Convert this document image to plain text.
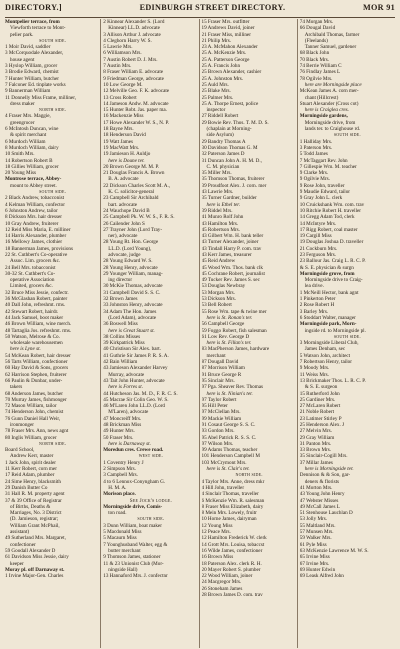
DIRECTORY.]	EDINBURGH STREET DIRECTORY.	MOR 91
Montpelier terrace, from
Viewforth terrace to Mont-
pelier park.
south side.
1 Moir David, saddler
3 McCorquodale Alexander,
house agent
3 Hyslop William, grocer
3 Brodie Edward, chemist
7 Hunter William, butcher
7 Falconer Ed. tinplate works
9 Bannerman William
11 Donnelly Miss Frame, milliner,
dress maker
north side.
4 Fraser Mrs. Maggie,
greengrocer
6 McIntosh Duncan, wine
& spirit merchant
6 Murdoch William
8 Murdoch William, dairy
10 Smith Mrs.
14 Robertson Robert B
18 Gillies William, grocer
20 Young Miss
Montrose terrace, Abbey-
mount to Abbey street.
south side.
2 Black Andrew, tobacconist
4 Kelman William, confector
6 Johnston Andrew, tailor
8 Dickson Mrs. hair dresser
10 Gray Andrew, fruiterer
12 Reid Miss Maria, E. milliner
14 Harris Alexander, plumber
16 Mellowy James, clothier
18 Bannerman James, provisions
22 St. Cuthbert's Co-operative
Assoc. Lim. grocers &c.
24 Bell Mrs. tobacconist
30-32 St. Cuthbert's Co-
operative Association
Limited, grocers &c.
32 Bruce Miss Jessie, confectr.
36 McGlashan Robert, painter
40 Dall John, refreshmt. rms.
42 Stewart Robert, hairdr.
44 Jack Samuel, boot maker
46 Brown William, wine merch.
48 Tartaglia Jos. refreshmt. rms.
50 Watson, Melrose & Co.
wholesale warehousemen
here is Lyne st.
54 McKean Robert, hair dresser
56 Tarts William, confectioner
60 Hay David & Sons, grocers
62 Harrison Stephen, fruiterer
66 Paulin & Dunbar, under-
takers
68 Anderson James, butcher
70 Murray James, fishmonger
72 Mason William, tailor
74 Henderson John, chemist
76 Gunn Daniel Hall Weir,
ironmonger
78 Fraser Mrs. Ann, news agnt
80 Inglis William, grocer
north side.
Board School,
Andrew Kerr, master
1 Jack John, spirit dealer
11 Kerr Robert, corn mer
17 Reid Adam, plumber
24 Sime Henry, blacksmith
29 Danish Butter Co
31 Hall R. M. property agent
37 & 39 Office of Registrar
of Births, Deaths &
Marriages, No. 3 District
(D. Jamieson, registrar;
William Grant McPhail,
assistant)
49 Sutherland Mrs. Margaret,
confectioner
59 Goodall Alexander D
61 Davidson Miss Jessie, dairy
keeper
Moray pl. off Darnaway st.
1 Irvine Major-Gen. Charles
2 Kinnear Alexander S. (Lord
Kinnear) LL.D. advocate
3 Allison Arthur J. advocate
4 Cleghorn Harry W. S.
5 Lawrie Mrs.
6 Williamson Mrs.
7 Austin Robert D. J. Mrs.
7 Austin Mrs.
8 Fraser William E. advocate
9 Friedman George, advocate
10 Low George M.
12 Melville Geo. F. K. advocate
13 Cross Robert
14 Jameson Andw. M. advocate
15 Hunter Robt. Jas. paper ma.
16 Mackenzie Miss
17 Howe Alexander W. S., N. P.
18 Bayne Mrs.
18 Henderson David
19 Watt James
19 MacWatt Mrs.
19 Jamieson H. Auldjo
here is Doune ter.
20 Brown George M. M. P.
21 Douglas Francis A. Brown
B. A. advocate
22 Dickson Charles Scott M. A.,
K. C. solicitor-general
23 Campbell Sir Archibald
bart. advocate
24 Wauchope David B
25 Campbell Pk. W. W. S., F. R. S.
26 Cailender John S
27 Trayner John (Lord Tray-
ner), advocate
28 Young Rt. Hon. George
LL.D. (Lord Young),
advocate, judge
28 Young Edward W. S.
28 Young Henry, advocate
29 Younger William, manag-
ing director
30 McKie Thomas, advocate
31 Campbell David S. S. C.
32 Brown James
33 Johnston Henry, advocate
34 Adam The Hon. James
(Lord Adam), advocate
36 Boswell Miss
here is Great Stuart st.
38 Collins Misses
39 Kirkpatrick Miss
40 Christison Sir Alex. bart.
41 Guthrie Sir James P. R. S. A.
42 Bain William
43 Jamieson Alexander Harvey
Murray, advocate
43 Tait John Hunter, advocate
here is Forres st.
44 Hutcheson Jas. M. D., F. R. C. S.
45 Macrae Sir Colin Geo. W. S.
46 M'Laren John LL.D. (Lord
M'Laren), advocate
47 Moncreiff Mrs.
48 Brickman Miss
49 Hunter Mrs.
50 Fraser Mrs.
here is Darnaway st.
Moredun cres. Crewe road.
west side.
1 Coventry Henry J
2 Simpson Mrs.
3 Campbell Mrs.
4 to 6 Lennox-Conyngham G.
H. M. A.
Morison place.
See Jock's lodge.
Morningside drive, Comis-
ton road.
south side.
3 Dunn William, boat maker
5 Macdonald Miss
5 Macaurn Miss
7 Younghusband Walter, egg &
butter merchant
9 Thomson James, stationer
11 & 23 Unionist Club (Mor-
ningside Hall)
13 Hannaford Mrs. J. confectnr
15 Fraser Mrs. outfitter
19 Andrews David, joiner
21 Fraser Miss, milliner
21 Philip Mrs.
23 A. McMahon Alexander
25 A. McKenzie Mrs.
25 A. Patterson George
25 A. Francis John
25 Brown Alexander, cashier
25 A. Johnston Mrs.
25 Auld Mrs.
25 Blake Mrs.
25 Palmer Mrs.
25 A. Thorpe Ernest, police
inspector
27 Riddell Robert
29 Bowie Rev. Thos. T. M. D. S.
(chaplain at Morning-
side Asylum)
29 Bandry Thomas A
30 Davidson Thomas G. M
32 Paterson James D
31 Duncan John A. H. M. D.,
C. M. physician
35 Miller Mrs.
35 Thomson Thomas, fruiterer
39 Proudfoot Alex. J. corn. mer
43 Lawrie Mrs.
35 Turner Gardner, builder
here is Ethel ter.
39 Riddel Mrs.
41 Munro Rolf John
43 Hamilton Mrs.
45 Robertson Mrs.
43 Gilbert Wm. H. bank teller
43 Turner Alexander, joiner
43 Tindall Harry P. com. trav
43 Kerr James, treasurer
45 Reid Andrew
45 Wood Wm. Thos. bank clk
45 Cochrane Robert, journalist
49 Tucker Rev. James S. sec
53 Douglas Newbray
53 Morgan Mrs.
53 Dickson Mrs.
53 Bell Robert
55 Rose Wm. tape & twine mer
here is St. Ronan's ter.
56 Campbell George
59 Foggo Robert, fish salesman
61 Low Rev. George D
here is St. Fillan's ter.
83 MacPherson James, hardware
merchant
87 Dougall David
87 Morrison William
91 Bruce George R
95 Sinclair Mrs.
97 Pga. Sheaver Rev. Thomas
here is St. Ninian's ter.
97 Taylor Robert
95 Hill Peter
97 McClellan Mrs.
99 Mackie William
91 Cosaut George S. S. C.
93 Gordon Mrs.
95 Abel Patrick R. S. S. C.
97 Wilson Mrs.
99 Adams Thomas, teacher
101 Henderson Campbell M
103 McCrymont Mrs.
here is St. Clair's ter.
north side.
4 Taylor Mrs. Anne, dress mkr
4 Hill John, traveller
4 Sinclair Thomas, traveller
6 McKenzie Wm. R. salesman
8 Fraser Miss Elizabeth, dairy
8 Mein Mrs. Lowely, fruitr
10 Horne James, dairyman
12 Young Miss
12 Peace Mrs.
12 Hamilton Frederick W. clerk
14 Grott Mrs. Louisa, tobaccst
16 Wilde James, confectioner
16 Brown Miss
18 Paterson Alex. clerk R. H.
20 Mayer Robert S. plumber
22 Wood William, joiner
24 Macgregor Mrs.
26 Stoneham James
28 Brown James D. com. trav
74 Morgan Mrs.
66 Dougal David
Archibald Thomas, farmer
(Fleelands)
Tanner Samuel, gardener
68 Black John
70 Black Mrs.
74 Berrie William C
76 Findlay James L
78 Ogilvie Mrs.
here are Morningside place
McKean James A. corn mer-
chant (Hillcrest)
Stuart Alexander (Cross cot)
here is Craiglea cres.
Morningside gardens,
Morningside drive, from
lands ter. to Craighouse rd.
south side.
1 Halliday Mrs.
3 Paterson Mrs.
5 Todd James
7 McTaggart Rev. John
7 Gillespie Wm. M. teacher
9 Clarke Mrs.
9 Ogilvie Mrs.
9 Rose John, traveller
9 Maudie Edward, tailor
9 Gray John L. clerk
10 Cruickshank Wm. com. trav
10 Ritchie Robert H. traveller
14 Gregg Adam Tod, clerk
14 McIntyre Mrs.
17 Rigg Robert, coal master
19 Cargill Miss
19 Douglas Joshua D. traveller
21 Cockburn Mrs.
23 Ferguson Mrs.
23 Ballour Jas. Craig L. R. C. P.
& S. E. physician & surgn
Morningside grove, from
Morningside drive to Craig-
lea drive.
1 McNeill Hector, bank agnt
1 Pinkerton Peter
2 Rose Robert H
3 Barley Mrs.
6 Stoddart Walter, manager
Morningside park, Morn-
ingside rd. to Morningside pl.
south side.
3 Morningside Liberal Club,
James Denham, sec
5 Watson John, architect
7 Robertson Henry, tailor
9 Moody Mrs.
11 Weiss Mrs.
13 Brickmaker Thos. L. R. C. P.
& S. E. surgeon
15 Rutherford John
25 Gardiner Mrs.
27 McLaren Robert
21 Noble Robert
23 Latimer Stirley P
25 Henderson Alex. J
27 Melvin Mrs.
29 Gray William
31 Panton Mrs.
33 Brown Mrs.
35 Sinclair-Cogill Mrs.
37 Millar James
here is Morningside ter.
Dennison & & Son, gar-
deners & florists
41 Morton Mrs.
43 Young John Henry
47 Webster Misses
49 McCall James L
51 Stenhouse Lauchlan D
53 Jolly Mrs.
55 Maltland Mrs.
57 Munsen Mrs.
59 Walker Mrs.
61 Pyle Miss
63 McKenzie Lawrence M. W. S.
65 Irvine Miss
67 Irvine Mrs.
69 Hunter Edwin
69 Leask Alfred John
